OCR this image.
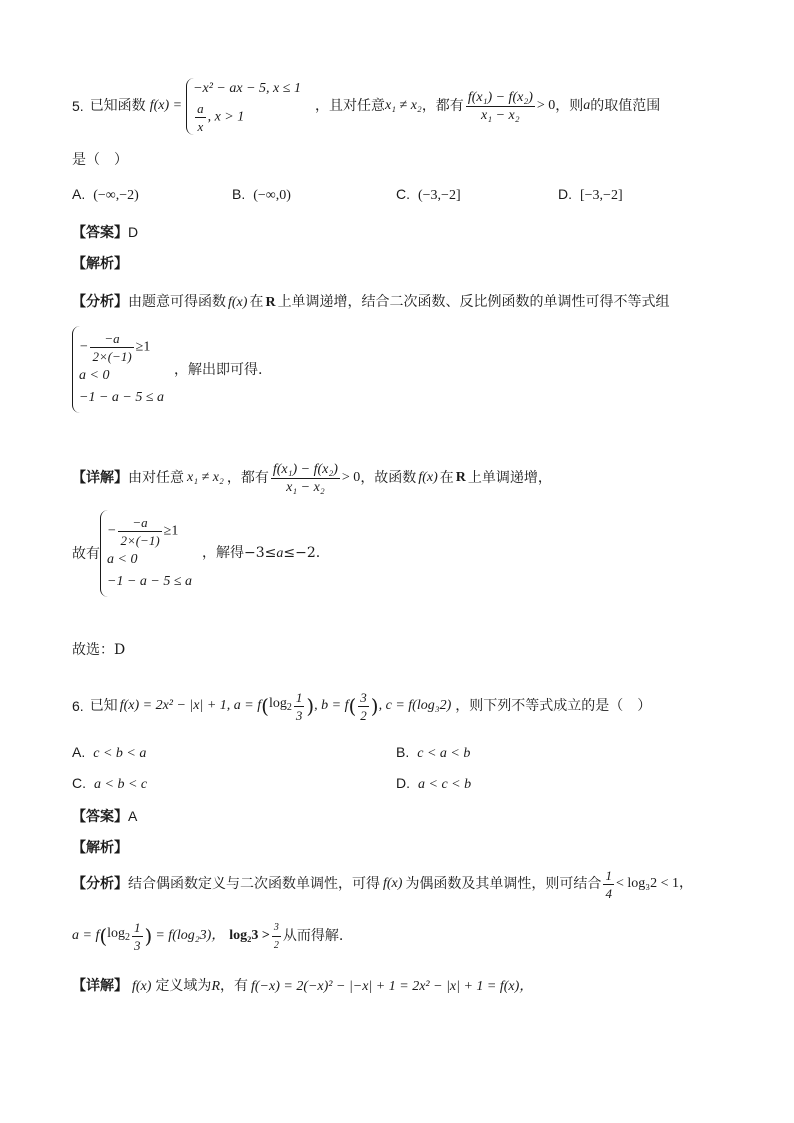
5. 已知函数 f(x) =
−x² − ax − 5, x ≤ 1
$\frac{a}{x}$ , x > 1
，且对任意 x₁ ≠ x₂ ，都有 $\frac{\text{f(x₁) − f(x₂)}}{\text{x₁ − x₂}} > 0$ ，则 a 的取值范围
是（　）
A. (−∞,−2)	B. (−∞,0)	C. (−3,−2]	D. [−3,−2]
【答案】D
【解析】
【分析】由题意可得函数 f(x) 在 R 上单调递增，结合二次函数、反比例函数的单调性可得不等式组
− $\frac{-a}{2\times(-1)} \ge 1$
a < 0
−1 − a − 5 ≤ a
，解出即可得.
【详解】 由对任意 x₁ ≠ x₂ ，都有 $\frac{\text{f(x₁) − f(x₂)}}{\text{x₁ − x₂}} > 0$ ，故函数 f(x) 在 R 上单调递增，
故有
− $\frac{-a}{2\times(-1)} \ge 1$
a < 0
−1 − a − 5 ≤ a
，解得−3≤a≤−2.
故选：D
6. 已知 f(x) = 2x² − |x| + 1, a = f ( $\log_2 \frac{1}{3}$ ) , b = f ( $\frac{3}{2}$ ) , c = f(log₃2) ，则下列不等式成立的是（　）
A. c < b < a	B. c < a < b
C. a < b < c	D. a < c < b
【答案】A
【解析】
【分析】 结合偶函数定义与二次函数单调性，可得 f(x) 为偶函数及其单调性，则可结合 $\frac{1}{4} < \log_32 < 1$，
a = f ( $\log_2 \frac{1}{3}$ ) = f(log₂3)， $\log_23 > \frac{3}{2}$ 从而得解.
【详解】 f(x) 定义域为R，有 f(−x) = 2(−x)² − |−x| + 1 = 2x² − |x| + 1 = f(x)，
